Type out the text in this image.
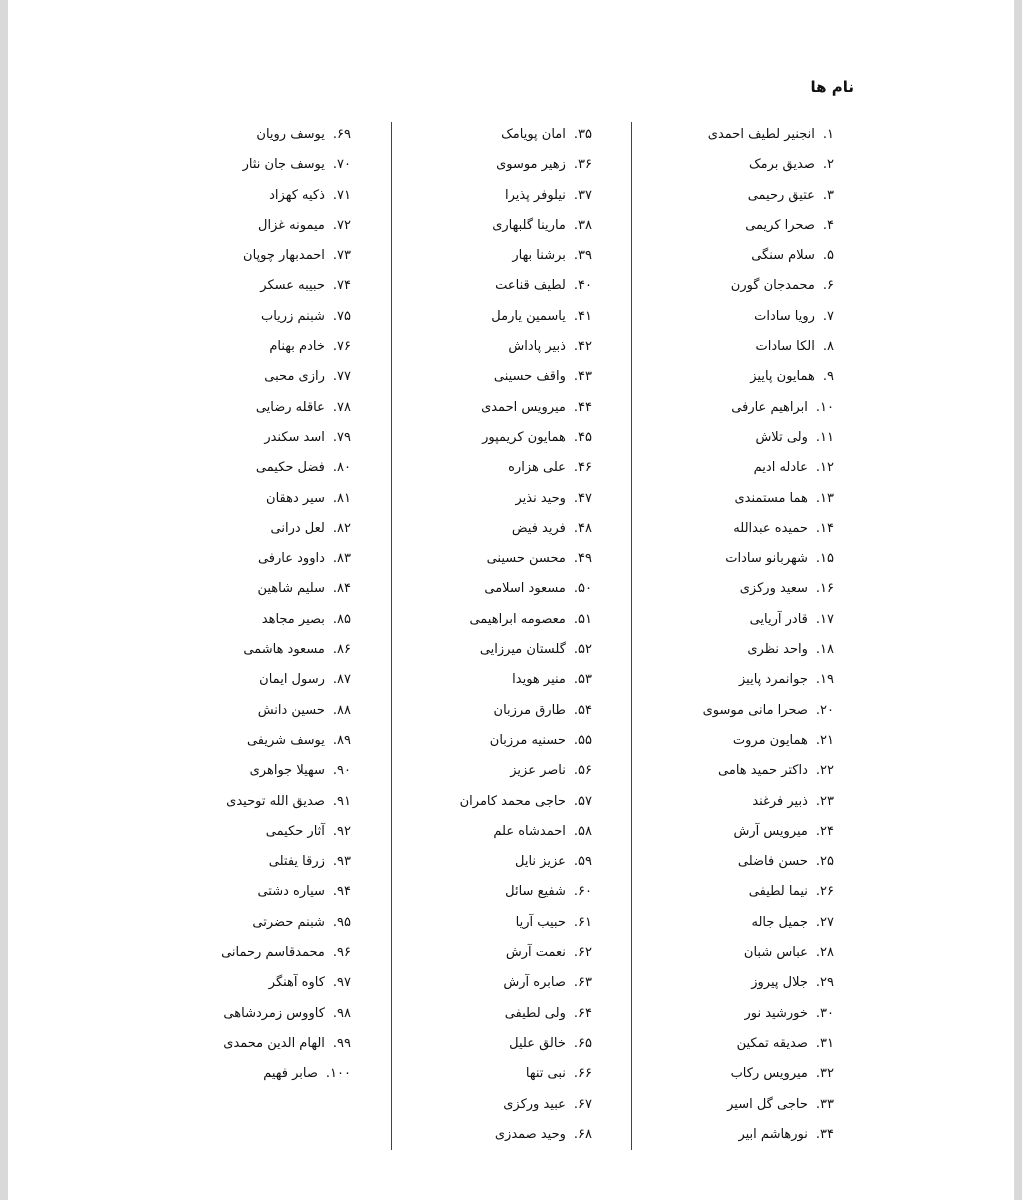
نام ها
۱.انجنیر لطیف احمدی
۲.صدیق برمک
۳.عتیق رحیمی
۴.صحرا کریمی
۵.سلام سنگی
۶.محمدجان گورن
۷.رویا سادات
۸.الکا سادات
۹.همایون پاییز
۱۰.ابراهیم عارفی
۱۱.ولی تلاش
۱۲.عادله ادیم
۱۳.هما مستمندی
۱۴.حمیده عبدالله
۱۵.شهربانو سادات
۱۶.سعید ورکزی
۱۷.قادر آریایی
۱۸.واحد نظری
۱۹.جوانمرد پاییز
۲۰.صحرا مانی موسوی
۲۱.همایون مروت
۲۲.داکتر حمید هامی
۲۳.ذبیر فرغند
۲۴.میرویس آرش
۲۵.حسن فاضلی
۲۶.نیما لطیفی
۲۷.جمیل جاله
۲۸.عباس شبان
۲۹.جلال پیروز
۳۰.خورشید نور
۳۱.صدیقه تمکین
۳۲.میرویس رکاب
۳۳.حاجی گل اسیر
۳۴.نورهاشم ابیر
۳۵.امان پویامک
۳۶.زهیر موسوی
۳۷.نیلوفر پذیرا
۳۸.مارینا گلبهاری
۳۹.برشنا بهار
۴۰.لطیف قناعت
۴۱.یاسمین یارمل
۴۲.ذبیر پاداش
۴۳.واقف حسینی
۴۴.میرویس احمدی
۴۵.همایون کریمپور
۴۶.علی هزاره
۴۷.وحید نذیر
۴۸.فرید فیض
۴۹.محسن حسینی
۵۰.مسعود اسلامی
۵۱.معصومه ابراهیمی
۵۲.گلستان میرزایی
۵۳.منیر هویدا
۵۴.طارق مرزبان
۵۵.حسنیه مرزبان
۵۶.ناصر عزیز
۵۷.حاجی محمد کامران
۵۸.احمدشاه علم
۵۹.عزیز نایل
۶۰.شفیع سائل
۶۱.حبیب آریا
۶۲.نعمت آرش
۶۳.صابره آرش
۶۴.ولی لطیفی
۶۵.خالق علیل
۶۶.نبی تنها
۶۷.عبید ورکزی
۶۸.وحید صمدزی
۶۹.یوسف رویان
۷۰.یوسف جان نثار
۷۱.ذکیه کهزاد
۷۲.میمونه غزال
۷۳.احمدبهار چوپان
۷۴.حبیبه عسکر
۷۵.شبنم زریاب
۷۶.خادم بهنام
۷۷.رازی محبی
۷۸.عاقله رضایی
۷۹.اسد سکندر
۸۰.فضل حکیمی
۸۱.سیر دهقان
۸۲.لعل درانی
۸۳.داوود عارفی
۸۴.سلیم شاهین
۸۵.بصیر مجاهد
۸۶.مسعود هاشمی
۸۷.رسول ایمان
۸۸.حسین دانش
۸۹.یوسف شریفی
۹۰.سهیلا جواهری
۹۱.صدیق الله توحیدی
۹۲.آثار حکیمی
۹۳.زرقا یفتلی
۹۴.سیاره دشتی
۹۵.شبنم حضرتی
۹۶.محمدقاسم رحمانی
۹۷.کاوه آهنگر
۹۸.کاووس زمردشاهی
۹۹.الهام الدین محمدی
۱۰۰.صابر فهیم
